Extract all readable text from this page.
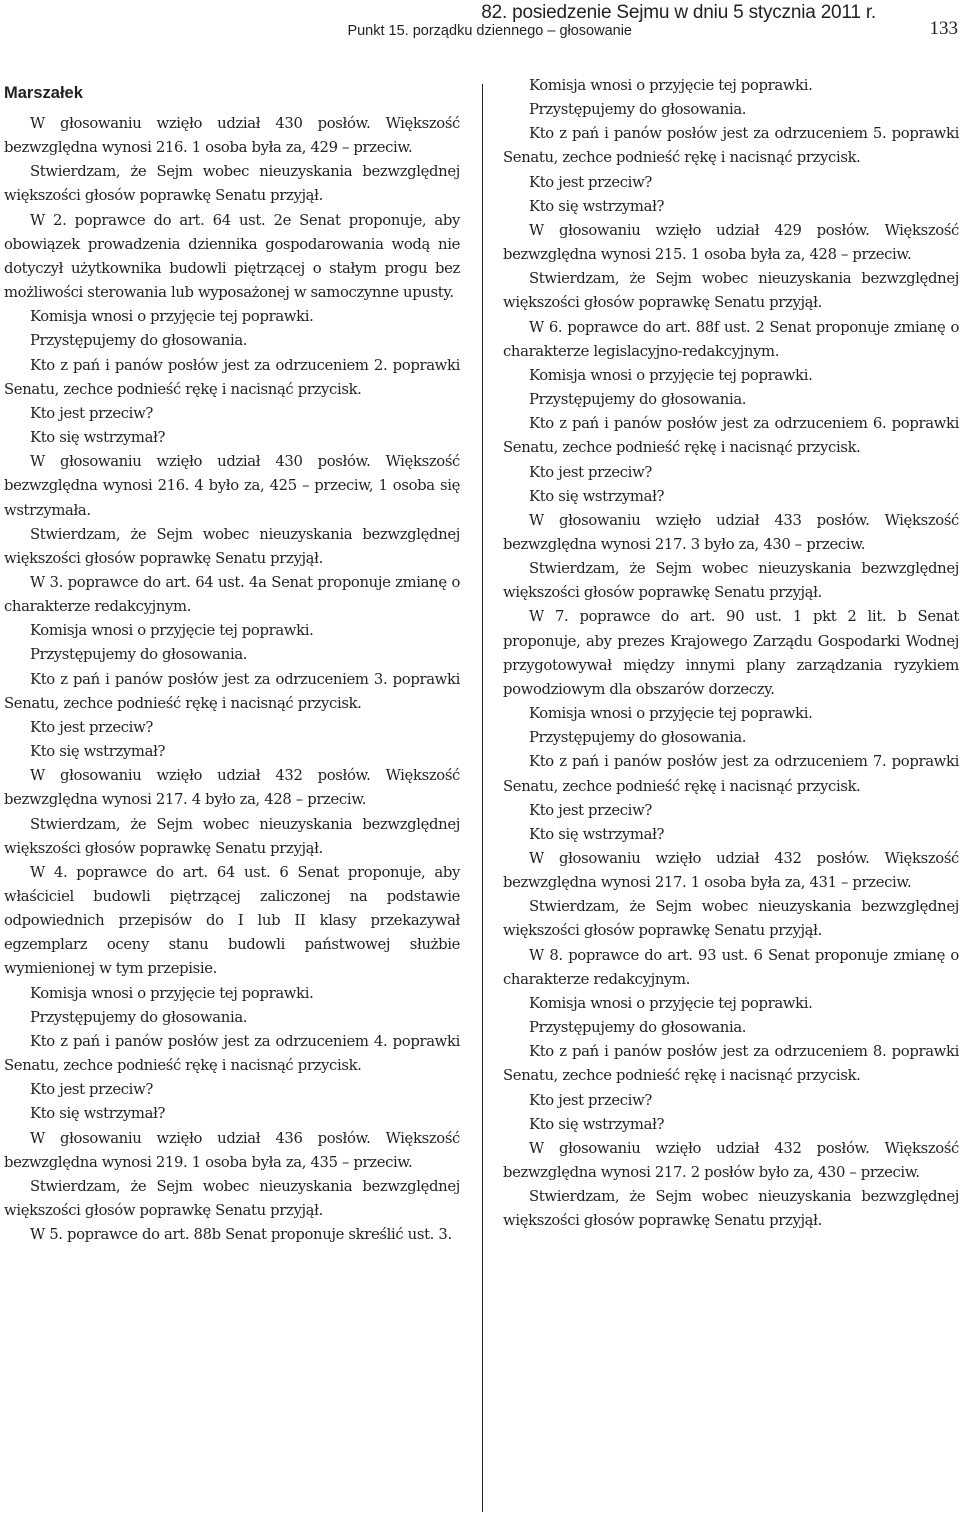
82. posiedzenie Sejmu w dniu 5 stycznia 2011 r.
Punkt 15. porządku dziennego – głosowanie	133
Marszałek

W głosowaniu wzięło udział 430 posłów. Większość bezwzględna wynosi 216. 1 osoba była za, 429 – przeciw.

Stwierdzam, że Sejm wobec nieuzyskania bezwzględnej większości głosów poprawkę Senatu przyjął.

W 2. poprawce do art. 64 ust. 2e Senat proponuje, aby obowiązek prowadzenia dziennika gospodarowania wodą nie dotyczył użytkownika budowli piętrzącej o stałym progu bez możliwości sterowania lub wyposażonej w samoczynne upusty.

Komisja wnosi o przyjęcie tej poprawki.

Przystępujemy do głosowania.

Kto z pań i panów posłów jest za odrzuceniem 2. poprawki Senatu, zechce podnieść rękę i nacisnąć przycisk.

Kto jest przeciw?

Kto się wstrzymał?

W głosowaniu wzięło udział 430 posłów. Większość bezwzględna wynosi 216. 4 było za, 425 – przeciw, 1 osoba się wstrzymała.

Stwierdzam, że Sejm wobec nieuzyskania bezwzględnej większości głosów poprawkę Senatu przyjął.

W 3. poprawce do art. 64 ust. 4a Senat proponuje zmianę o charakterze redakcyjnym.

Komisja wnosi o przyjęcie tej poprawki.

Przystępujemy do głosowania.

Kto z pań i panów posłów jest za odrzuceniem 3. poprawki Senatu, zechce podnieść rękę i nacisnąć przycisk.

Kto jest przeciw?

Kto się wstrzymał?

W głosowaniu wzięło udział 432 posłów. Większość bezwzględna wynosi 217. 4 było za, 428 – przeciw.

Stwierdzam, że Sejm wobec nieuzyskania bezwzględnej większości głosów poprawkę Senatu przyjął.

W 4. poprawce do art. 64 ust. 6 Senat proponuje, aby właściciel budowli piętrzącej zaliczonej na podstawie odpowiednich przepisów do I lub II klasy przekazywał egzemplarz oceny stanu budowli państwowej służbie wymienionej w tym przepisie.

Komisja wnosi o przyjęcie tej poprawki.

Przystępujemy do głosowania.

Kto z pań i panów posłów jest za odrzuceniem 4. poprawki Senatu, zechce podnieść rękę i nacisnąć przycisk.

Kto jest przeciw?

Kto się wstrzymał?

W głosowaniu wzięło udział 436 posłów. Większość bezwzględna wynosi 219. 1 osoba była za, 435 – przeciw.

Stwierdzam, że Sejm wobec nieuzyskania bezwzględnej większości głosów poprawkę Senatu przyjął.

W 5. poprawce do art. 88b Senat proponuje skreślić ust. 3.

Komisja wnosi o przyjęcie tej poprawki.

Przystępujemy do głosowania.

Kto z pań i panów posłów jest za odrzuceniem 5. poprawki Senatu, zechce podnieść rękę i nacisnąć przycisk.

Kto jest przeciw?

Kto się wstrzymał?

W głosowaniu wzięło udział 429 posłów. Większość bezwzględna wynosi 215. 1 osoba była za, 428 – przeciw.

Stwierdzam, że Sejm wobec nieuzyskania bezwzględnej większości głosów poprawkę Senatu przyjął.

W 6. poprawce do art. 88f ust. 2 Senat proponuje zmianę o charakterze legislacyjno-redakcyjnym.

Komisja wnosi o przyjęcie tej poprawki.

Przystępujemy do głosowania.

Kto z pań i panów posłów jest za odrzuceniem 6. poprawki Senatu, zechce podnieść rękę i nacisnąć przycisk.

Kto jest przeciw?

Kto się wstrzymał?

W głosowaniu wzięło udział 433 posłów. Większość bezwzględna wynosi 217. 3 było za, 430 – przeciw.

Stwierdzam, że Sejm wobec nieuzyskania bezwzględnej większości głosów poprawkę Senatu przyjął.

W 7. poprawce do art. 90 ust. 1 pkt 2 lit. b Senat proponuje, aby prezes Krajowego Zarządu Gospodarki Wodnej przygotowywał między innymi plany zarządzania ryzykiem powodziowym dla obszarów dorzeczy.

Komisja wnosi o przyjęcie tej poprawki.

Przystępujemy do głosowania.

Kto z pań i panów posłów jest za odrzuceniem 7. poprawki Senatu, zechce podnieść rękę i nacisnąć przycisk.

Kto jest przeciw?

Kto się wstrzymał?

W głosowaniu wzięło udział 432 posłów. Większość bezwzględna wynosi 217. 1 osoba była za, 431 – przeciw.

Stwierdzam, że Sejm wobec nieuzyskania bezwzględnej większości głosów poprawkę Senatu przyjął.

W 8. poprawce do art. 93 ust. 6 Senat proponuje zmianę o charakterze redakcyjnym.

Komisja wnosi o przyjęcie tej poprawki.

Przystępujemy do głosowania.

Kto z pań i panów posłów jest za odrzuceniem 8. poprawki Senatu, zechce podnieść rękę i nacisnąć przycisk.

Kto jest przeciw?

Kto się wstrzymał?

W głosowaniu wzięło udział 432 posłów. Większość bezwzględna wynosi 217. 2 posłów było za, 430 – przeciw.

Stwierdzam, że Sejm wobec nieuzyskania bezwzględnej większości głosów poprawkę Senatu przyjął.
